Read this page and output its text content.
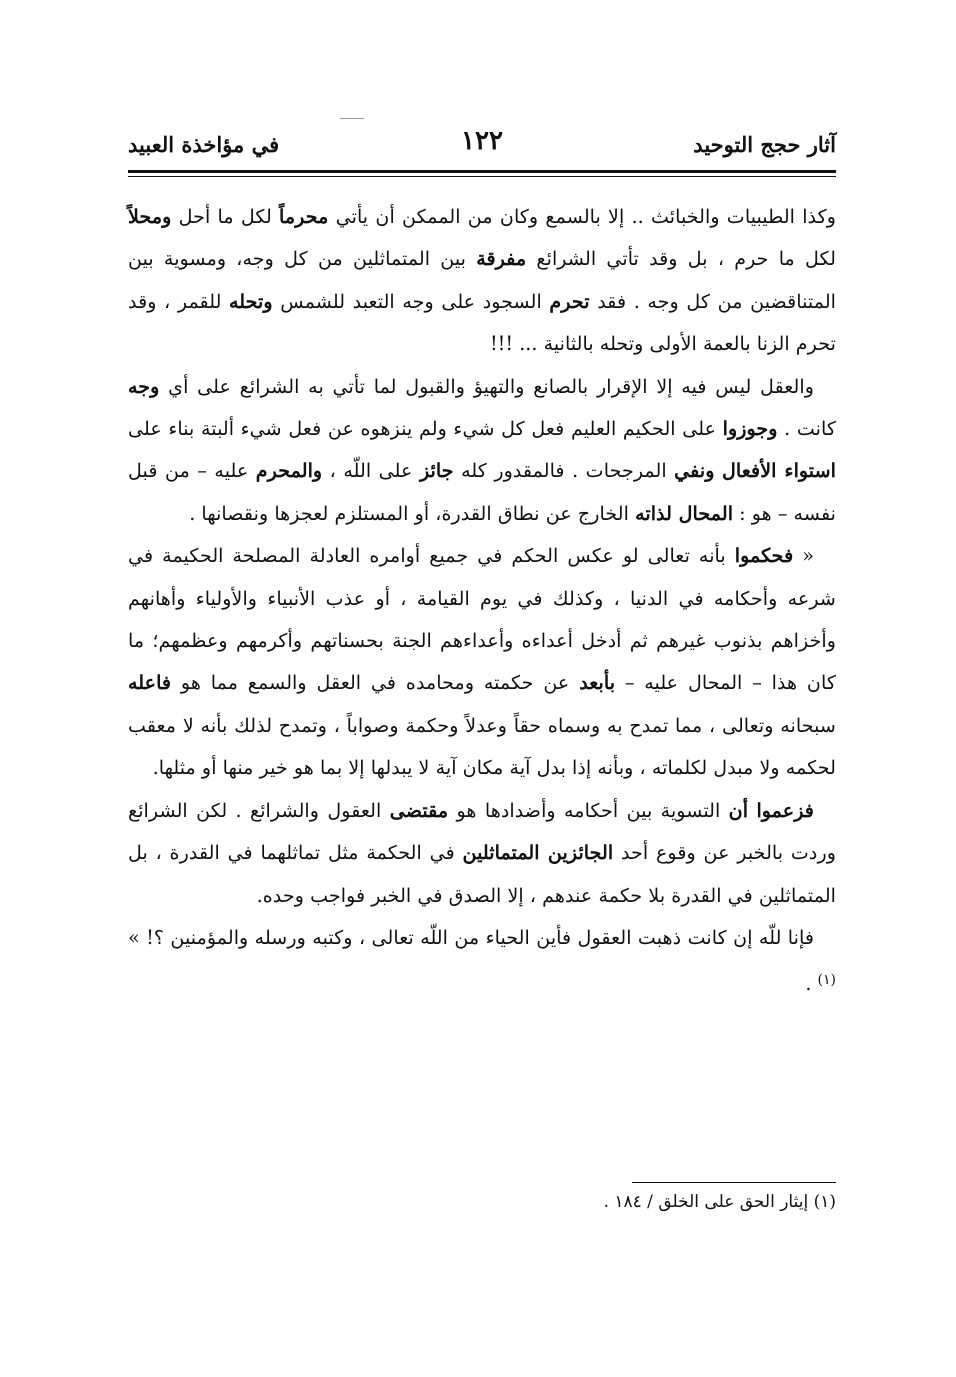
آثار حجج التوحيد
١٢٢
في مؤاخذة العبيد

وكذا الطيبيات والخبائث .. إلا بالسمع وكان من الممكن أن يأتي محرماً لكل ما أحل ومحلاً لكل ما حرم ، بل وقد تأتي الشرائع مفرقة بين المتماثلين من كل وجه، ومسوية بين المتناقضين من كل وجه . فقد تحرم السجود على وجه التعبد للشمس وتحله للقمر ، وقد تحرم الزنا بالعمة الأولى وتحله بالثانية ... !!!

والعقل ليس فيه إلا الإقرار بالصانع والتهيؤ والقبول لما تأتي به الشرائع على أي وجه كانت . وجوزوا على الحكيم العليم فعل كل شيء ولم ينزهوه عن فعل شيء ألبتة بناء على استواء الأفعال ونفي المرجحات . فالمقدور كله جائز على اللّه ، والمحرم عليه – من قبل نفسه – هو : المحال لذاته الخارج عن نطاق القدرة، أو المستلزم لعجزها ونقصانها .

« فحكموا بأنه تعالى لو عكس الحكم في جميع أوامره العادلة المصلحة الحكيمة في شرعه وأحكامه في الدنيا ، وكذلك في يوم القيامة ، أو عذب الأنبياء والأولياء وأهانهم وأخزاهم بذنوب غيرهم ثم أدخل أعداءه وأعداءهم الجنة بحسناتهم وأكرمهم وعظمهم؛ ما كان هذا – المحال عليه – بأبعد عن حكمته ومحامده في العقل والسمع مما هو فاعله سبحانه وتعالى ، مما تمدح به وسماه حقاً وعدلاً وحكمة وصواباً ، وتمدح لذلك بأنه لا معقب لحكمه ولا مبدل لكلماته ، وبأنه إذا بدل آية مكان آية لا يبدلها إلا بما هو خير منها أو مثلها.

فزعموا أن التسوية بين أحكامه وأضدادها هو مقتضى العقول والشرائع . لكن الشرائع وردت بالخبر عن وقوع أحد الجائزين المتماثلين في الحكمة مثل تماثلهما في القدرة ، بل المتماثلين في القدرة بلا حكمة عندهم ، إلا الصدق في الخبر فواجب وحده.

فإنا للّه إن كانت ذهبت العقول فأين الحياء من اللّه تعالى ، وكتبه ورسله والمؤمنين ؟! » $^{(١)}$ .

(١) إيثار الحق على الخلق / ١٨٤ .
